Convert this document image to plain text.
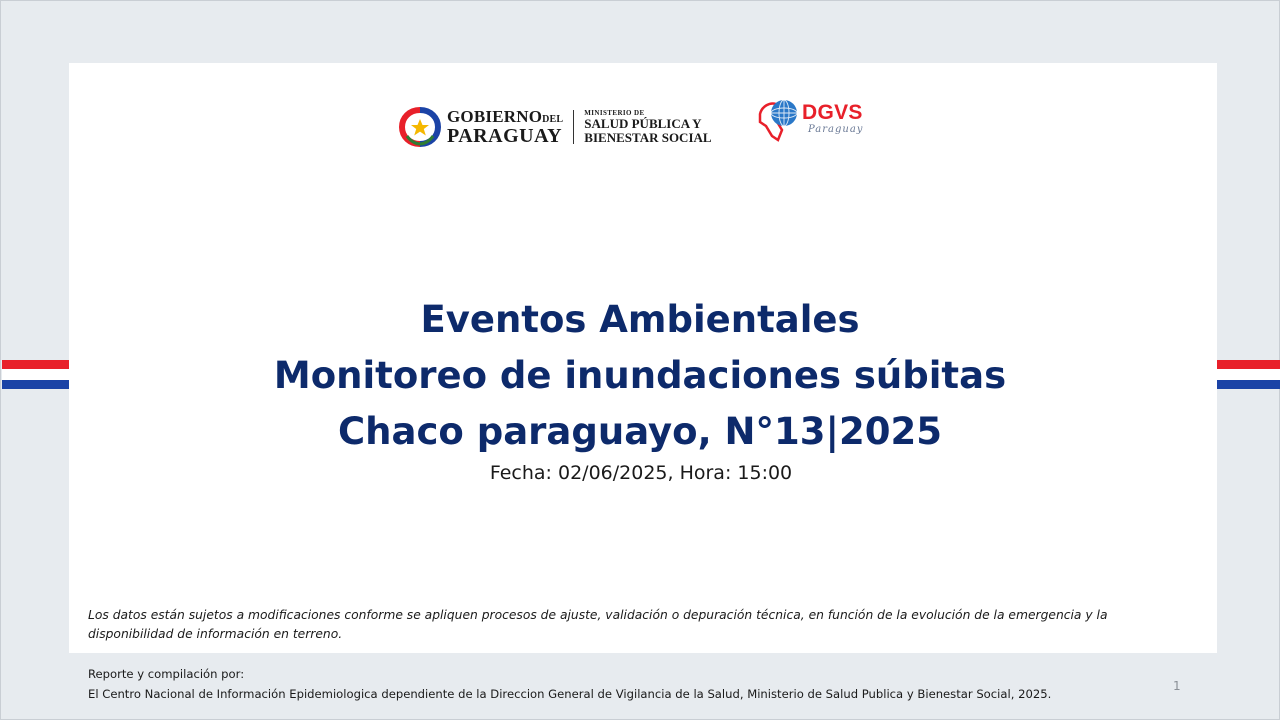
GOBIERNODEL
PARAGUAY
MINISTERIO DE
SALUD PÚBLICA Y
BIENESTAR SOCIAL
DGVS
Paraguay
Eventos Ambientales
Monitoreo de inundaciones súbitas
Chaco paraguayo, N°13|2025
Fecha: 02/06/2025, Hora: 15:00
Los datos están sujetos a modificaciones conforme se apliquen procesos de ajuste, validación o depuración técnica, en función de la evolución de la emergencia y la disponibilidad de información en terreno.
Reporte y compilación por:
El Centro Nacional de Información Epidemiologica dependiente de la Direccion General de Vigilancia de la Salud, Ministerio de Salud Publica y Bienestar Social, 2025.
1
